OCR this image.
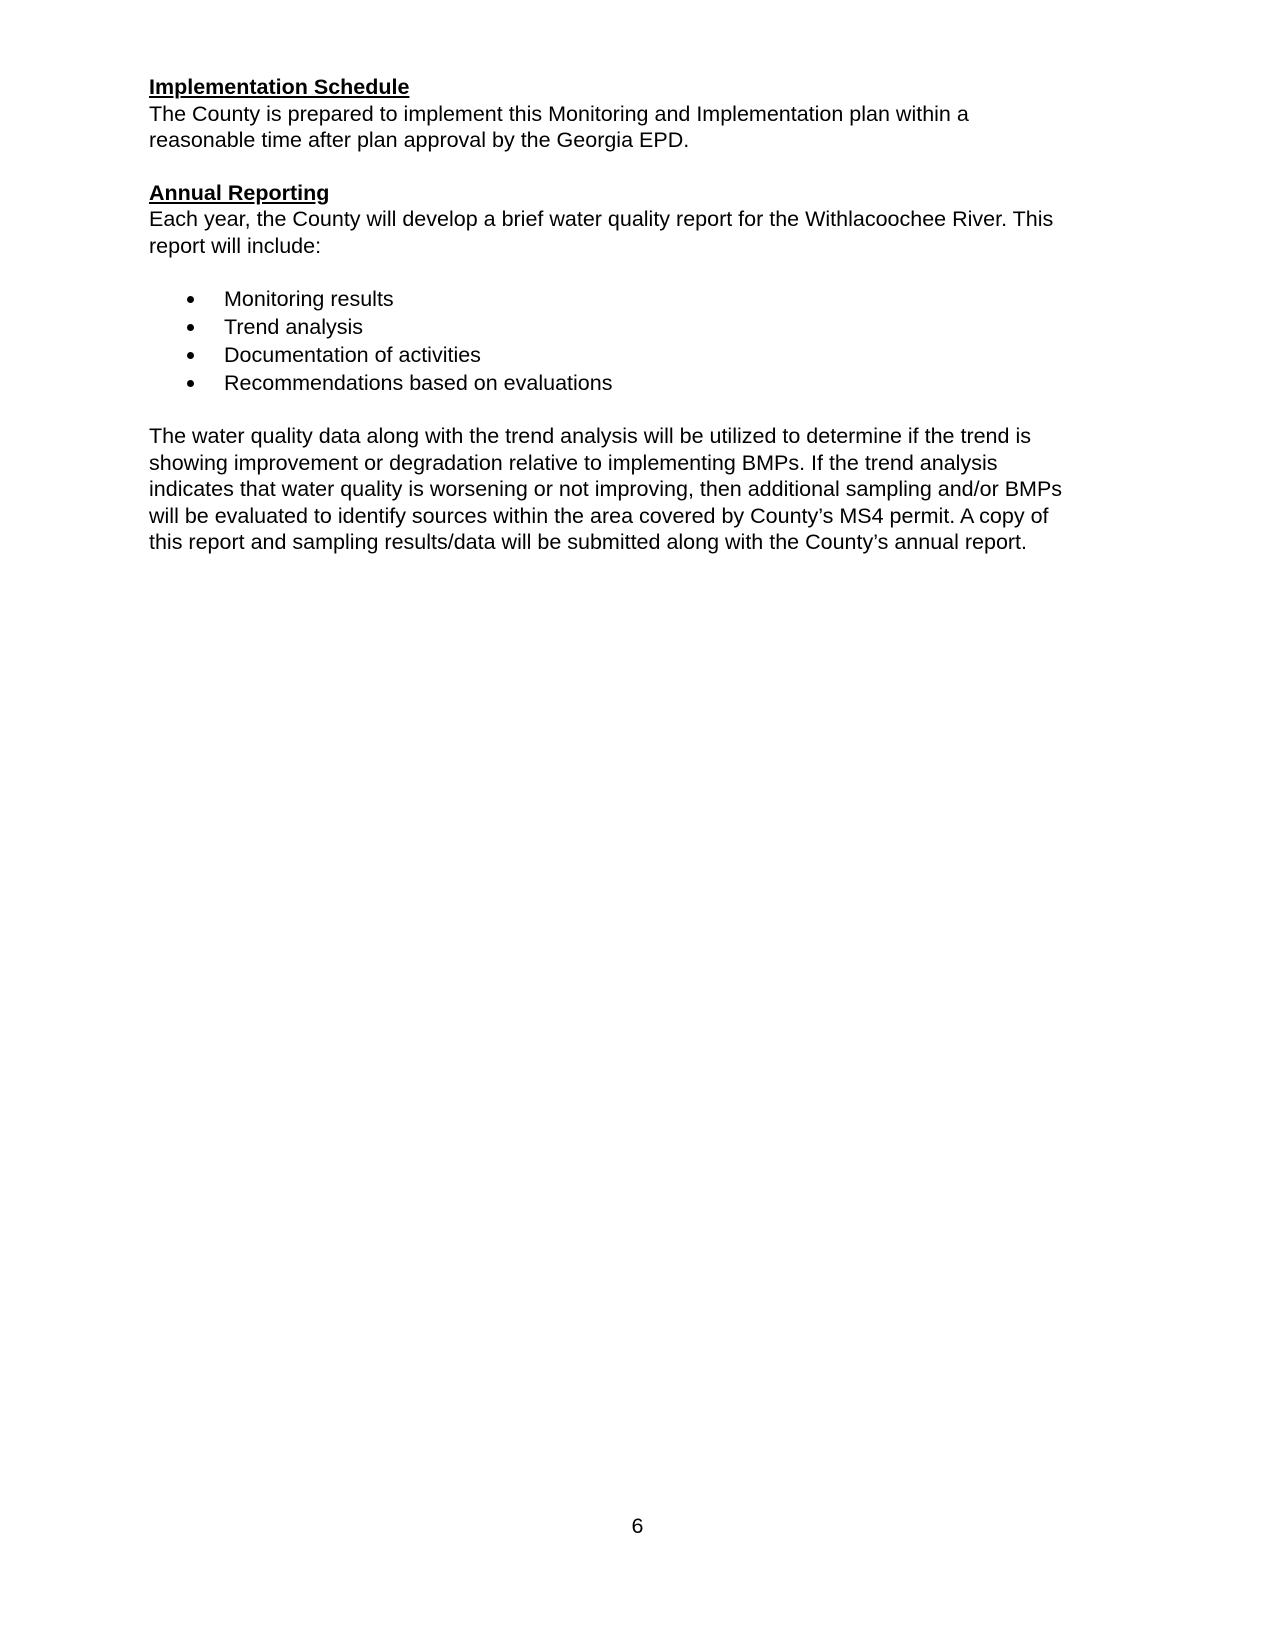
Implementation Schedule

The County is prepared to implement this Monitoring and Implementation plan within a

reasonable time after plan approval by the Georgia EPD.

Annual Reporting

Each year, the County will develop a brief water quality report for the Withlacoochee River. This

report will include:

Monitoring results
Trend analysis
Documentation of activities
Recommendations based on evaluations

The water quality data along with the trend analysis will be utilized to determine if the trend is

showing improvement or degradation relative to implementing BMPs. If the trend analysis

indicates that water quality is worsening or not improving, then additional sampling and/or BMPs

will be evaluated to identify sources within the area covered by County’s MS4 permit. A copy of

this report and sampling results/data will be submitted along with the County’s annual report.

6
